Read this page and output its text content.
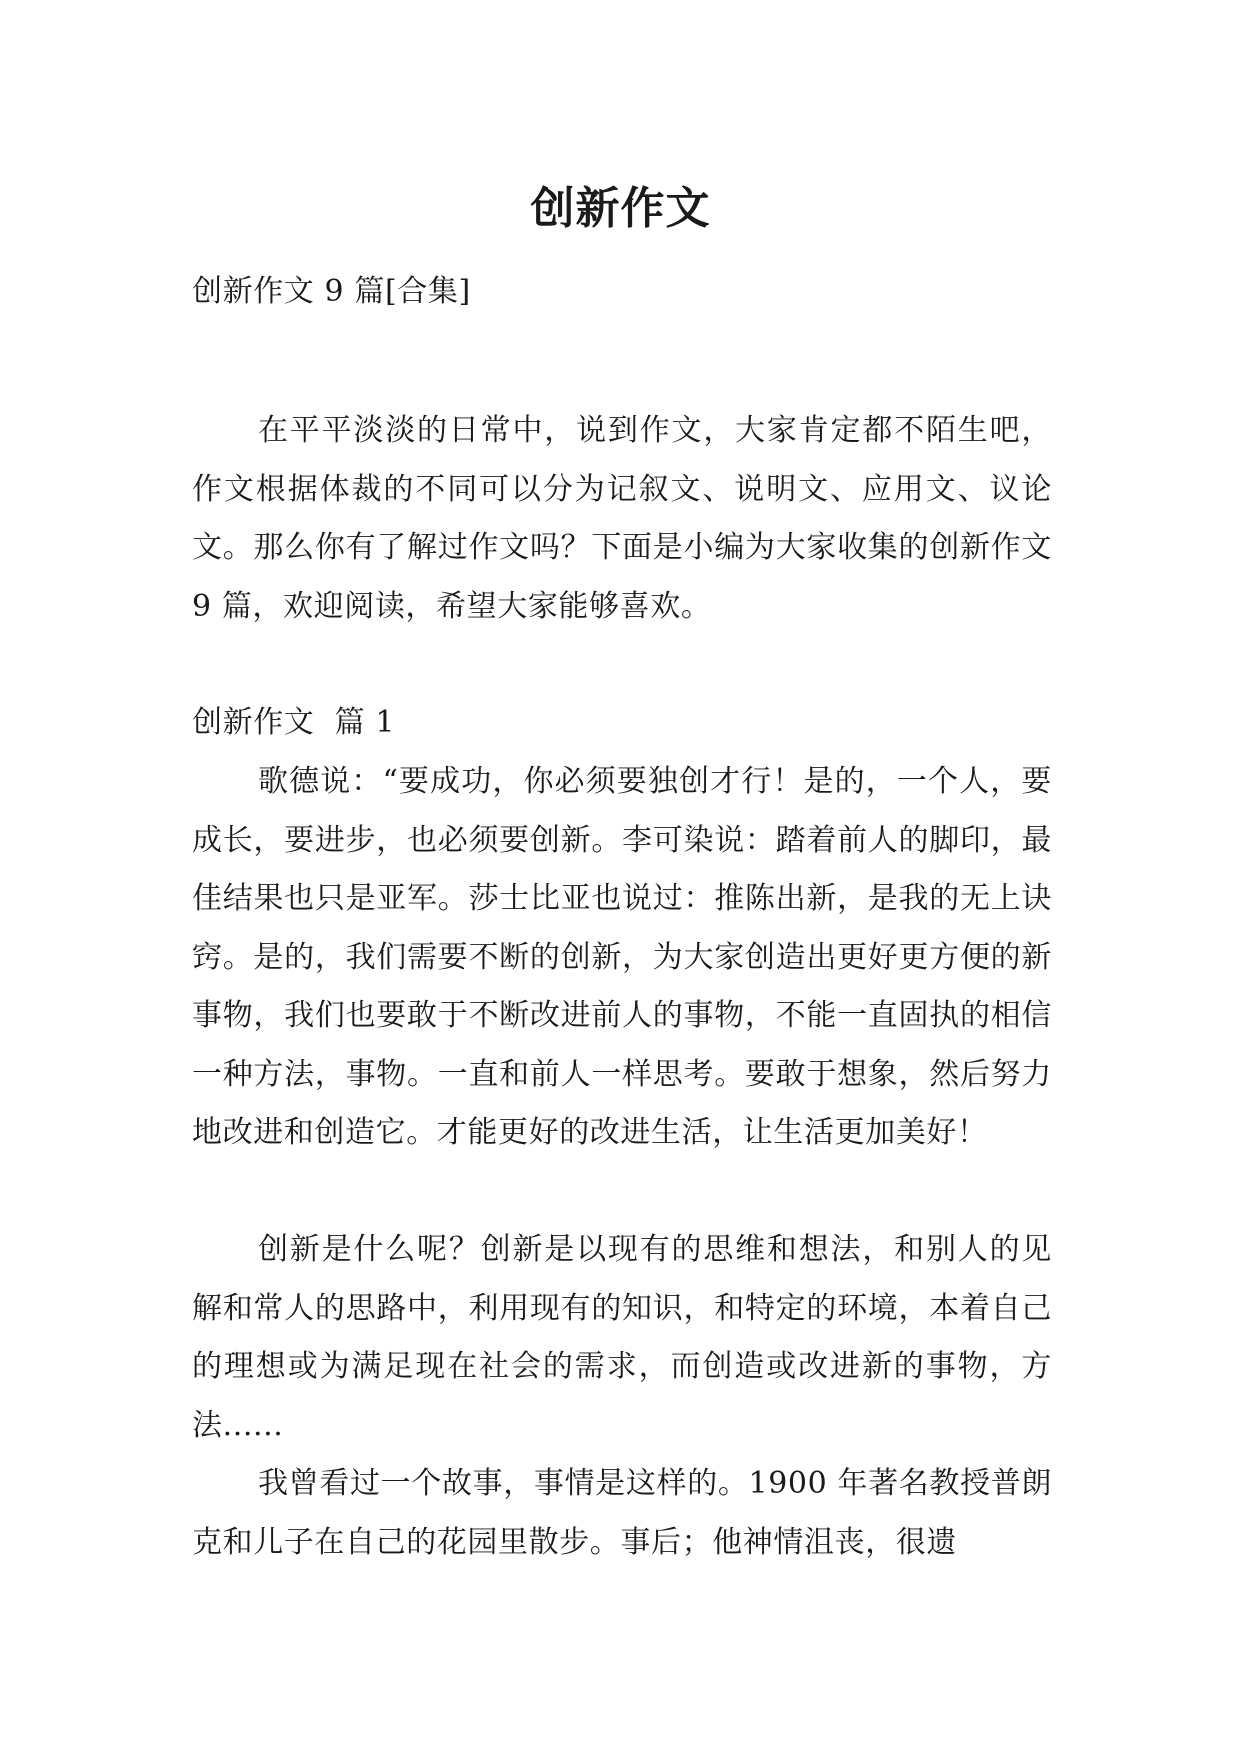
创新作文

创新作文 9 篇[合集]

在平平淡淡的日常中，说到作文，大家肯定都不陌生吧，作文根据体裁的不同可以分为记叙文、说明文、应用文、议论文。那么你有了解过作文吗？下面是小编为大家收集的创新作文 9 篇，欢迎阅读，希望大家能够喜欢。

创新作文  篇 1

歌德说：“要成功，你必须要独创才行！是的，一个人，要成长，要进步，也必须要创新。李可染说：踏着前人的脚印，最佳结果也只是亚军。莎士比亚也说过：推陈出新，是我的无上诀窍。是的，我们需要不断的创新，为大家创造出更好更方便的新事物，我们也要敢于不断改进前人的事物，不能一直固执的相信一种方法，事物。一直和前人一样思考。要敢于想象，然后努力地改进和创造它。才能更好的改进生活，让生活更加美好！

创新是什么呢？创新是以现有的思维和想法，和别人的见解和常人的思路中，利用现有的知识，和特定的环境，本着自己的理想或为满足现在社会的需求，而创造或改进新的事物，方法......

我曾看过一个故事，事情是这样的。1900 年著名教授普朗克和儿子在自己的花园里散步。事后；他神情沮丧，很遗
